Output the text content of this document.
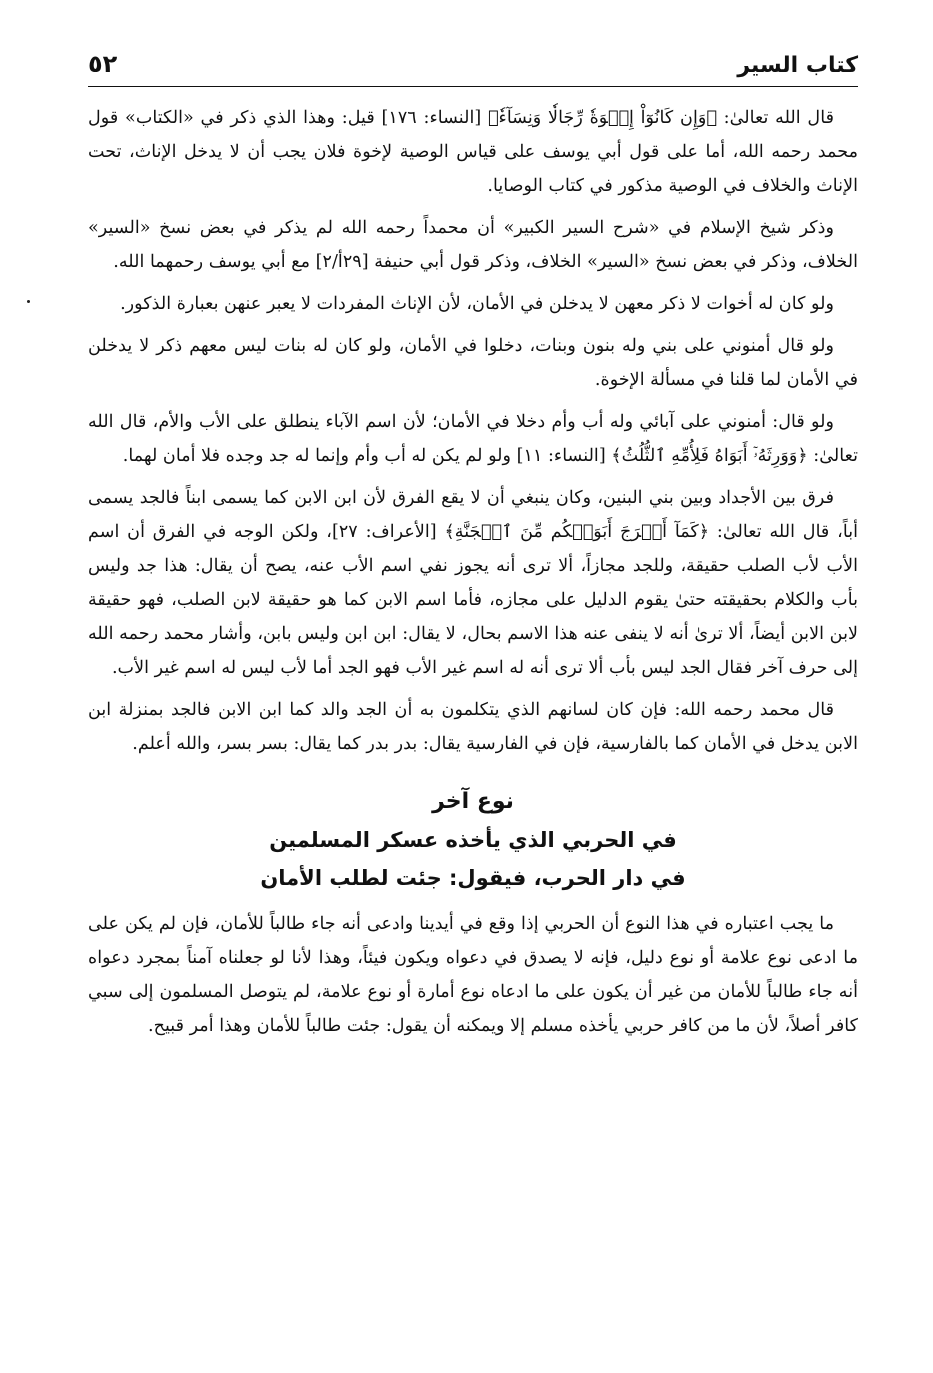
كتاب السير
٥٢

قال الله تعالىٰ: ﴿وَإِن كَانُوٓاْ إِخۡوَةٗ رِّجَالٗا وَنِسَآءٗ﴾ [النساء: ١٧٦] قيل: وهذا الذي ذكر في «الكتاب» قول محمد رحمه الله، أما على قول أبي يوسف على قياس الوصية لإخوة فلان يجب أن لا يدخل الإناث، تحت الإناث والخلاف في الوصية مذكور في كتاب الوصايا.

وذكر شيخ الإسلام في «شرح السير الكبير» أن محمداً رحمه الله لم يذكر في بعض نسخ «السير» الخلاف، وذكر في بعض نسخ «السير» الخلاف، وذكر قول أبي حنيفة [٢٩أ/٢] مع أبي يوسف رحمهما الله.

ولو كان له أخوات لا ذكر معهن لا يدخلن في الأمان، لأن الإناث المفردات لا يعبر عنهن بعبارة الذكور.

ولو قال أمنوني على بني وله بنون وبنات، دخلوا في الأمان، ولو كان له بنات ليس معهم ذكر لا يدخلن في الأمان لما قلنا في مسألة الإخوة.

ولو قال: أمنوني على آبائي وله أب وأم دخلا في الأمان؛ لأن اسم الآباء ينطلق على الأب والأم، قال الله تعالىٰ: ﴿وَوَرِثَهُۥٓ أَبَوَاهُ فَلِأُمِّهِ ٱلثُّلُثُ﴾ [النساء: ١١] ولو لم يكن له أب وأم وإنما له جد وجده فلا أمان لهما.

فرق بين الأجداد وبين بني البنين، وكان ينبغي أن لا يقع الفرق لأن ابن الابن كما يسمى ابناً فالجد يسمى أباً، قال الله تعالىٰ: ﴿كَمَآ أَخۡرَجَ أَبَوَيۡكُم مِّنَ ٱلۡجَنَّةِ﴾ [الأعراف: ٢٧]، ولكن الوجه في الفرق أن اسم الأب لأب الصلب حقيقة، وللجد مجازاً، ألا ترى أنه يجوز نفي اسم الأب عنه، يصح أن يقال: هذا جد وليس بأب والكلام بحقيقته حتىٰ يقوم الدليل على مجازه، فأما اسم الابن كما هو حقيقة لابن الصلب، فهو حقيقة لابن الابن أيضاً، ألا ترىٰ أنه لا ينفى عنه هذا الاسم بحال، لا يقال: ابن ابن وليس بابن، وأشار محمد رحمه الله إلى حرف آخر فقال الجد ليس بأب ألا ترى أنه له اسم غير الأب فهو الجد أما لأب ليس له اسم غير الأب.

قال محمد رحمه الله: فإن كان لسانهم الذي يتكلمون به أن الجد والد كما ابن الابن فالجد بمنزلة ابن الابن يدخل في الأمان كما بالفارسية، فإن في الفارسية يقال: بدر بدر كما يقال: بسر بسر، والله أعلم.

نوع آخر
في الحربي الذي يأخذه عسكر المسلمين
في دار الحرب، فيقول: جئت لطلب الأمان

ما يجب اعتباره في هذا النوع أن الحربي إذا وقع في أيدينا وادعى أنه جاء طالباً للأمان، فإن لم يكن على ما ادعى نوع علامة أو نوع دليل، فإنه لا يصدق في دعواه ويكون فيئاً، وهذا لأنا لو جعلناه آمناً بمجرد دعواه أنه جاء طالباً للأمان من غير أن يكون على ما ادعاه نوع أمارة أو نوع علامة، لم يتوصل المسلمون إلى سبي كافر أصلاً، لأن ما من كافر حربي يأخذه مسلم إلا ويمكنه أن يقول: جئت طالباً للأمان وهذا أمر قبيح.
